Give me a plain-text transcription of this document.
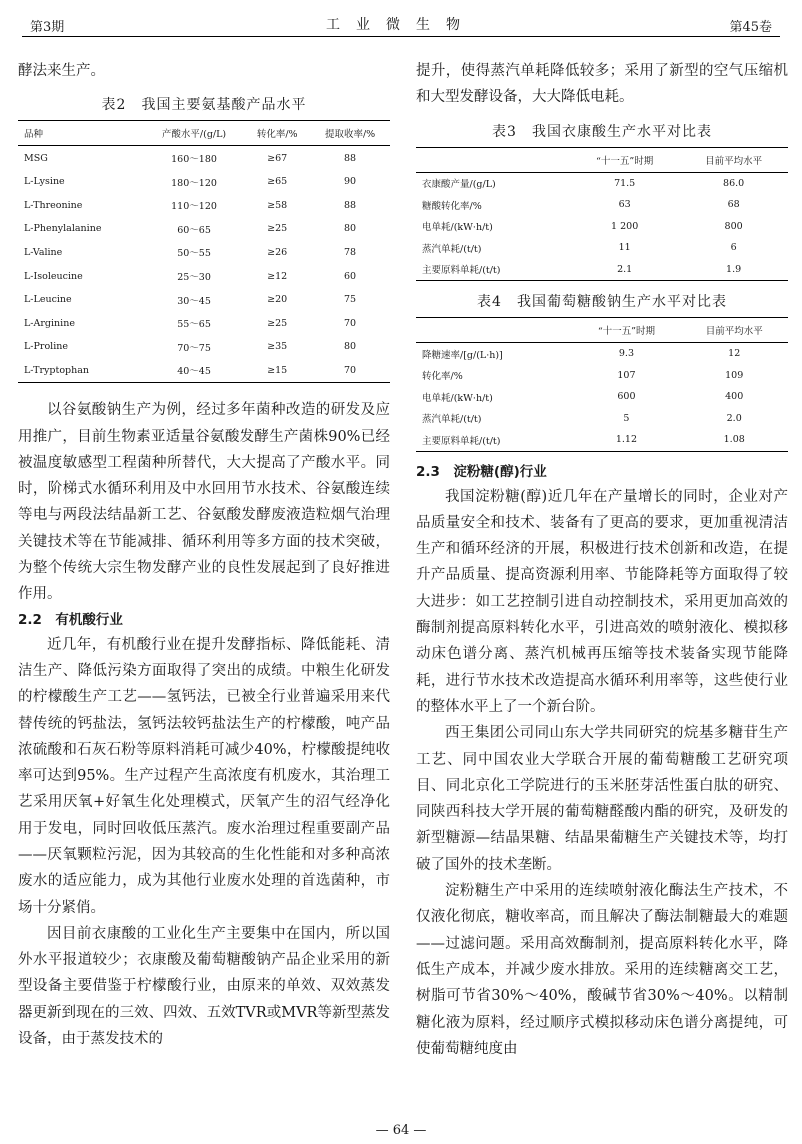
第3期	工业微生物	第45卷

酵法来生产。

表2　我国主要氨基酸产品水平
品种	产酸水平/(g/L)	转化率/%	提取收率/%
MSG	160～180	≥67	88
L-Lysine	180～120	≥65	90
L-Threonine	110～120	≥58	88
L-Phenylalanine	60～65	≥25	80
L-Valine	50～55	≥26	78
L-Isoleucine	25～30	≥12	60
L-Leucine	30～45	≥20	75
L-Arginine	55～65	≥25	70
L-Proline	70～75	≥35	80
L-Tryptophan	40～45	≥15	70

以谷氨酸钠生产为例，经过多年菌种改造的研发及应用推广，目前生物素亚适量谷氨酸发酵生产菌株90%已经被温度敏感型工程菌种所替代，大大提高了产酸水平。同时，阶梯式水循环利用及中水回用节水技术、谷氨酸连续等电与两段法结晶新工艺、谷氨酸发酵废液造粒烟气治理关键技术等在节能减排、循环利用等多方面的技术突破，为整个传统大宗生物发酵产业的良性发展起到了良好推进作用。

2.2　有机酸行业

近几年，有机酸行业在提升发酵指标、降低能耗、清洁生产、降低污染方面取得了突出的成绩。中粮生化研发的柠檬酸生产工艺——氢钙法，已被全行业普遍采用来代替传统的钙盐法，氢钙法较钙盐法生产的柠檬酸，吨产品浓硫酸和石灰石粉等原料消耗可减少40%，柠檬酸提纯收率可达到95%。生产过程产生高浓度有机废水，其治理工艺采用厌氧+好氧生化处理模式，厌氧产生的沼气经净化用于发电，同时回收低压蒸汽。废水治理过程重要副产品——厌氧颗粒污泥，因为其较高的生化性能和对多种高浓废水的适应能力，成为其他行业废水处理的首选菌种，市场十分紧俏。

因目前衣康酸的工业化生产主要集中在国内，所以国外水平报道较少；衣康酸及葡萄糖酸钠产品企业采用的新型设备主要借鉴于柠檬酸行业，由原来的单效、双效蒸发器更新到现在的三效、四效、五效TVR或MVR等新型蒸发设备，由于蒸发技术的

提升，使得蒸汽单耗降低较多；采用了新型的空气压缩机和大型发酵设备，大大降低电耗。

表3　我国衣康酸生产水平对比表
	“十一五”时期	目前平均水平
衣康酸产量/(g/L)	71.5	86.0
糖酸转化率/%	63	68
电单耗/(kW·h/t)	1 200	800
蒸汽单耗/(t/t)	11	6
主要原料单耗/(t/t)	2.1	1.9
表4　我国葡萄糖酸钠生产水平对比表
	“十一五”时期	目前平均水平
降糖速率/[g/(L·h)]	9.3	12
转化率/%	107	109
电单耗/(kW·h/t)	600	400
蒸汽单耗/(t/t)	5	2.0
主要原料单耗/(t/t)	1.12	1.08
2.3　淀粉糖(醇)行业

我国淀粉糖(醇)近几年在产量增长的同时，企业对产品质量安全和技术、装备有了更高的要求，更加重视清洁生产和循环经济的开展，积极进行技术创新和改造，在提升产品质量、提高资源利用率、节能降耗等方面取得了较大进步：如工艺控制引进自动控制技术，采用更加高效的酶制剂提高原料转化水平，引进高效的喷射液化、模拟移动床色谱分离、蒸汽机械再压缩等技术装备实现节能降耗，进行节水技术改造提高水循环利用率等，这些使行业的整体水平上了一个新台阶。

西王集团公司同山东大学共同研究的烷基多糖苷生产工艺、同中国农业大学联合开展的葡萄糖酸工艺研究项目、同北京化工学院进行的玉米胚芽活性蛋白肽的研究、同陕西科技大学开展的葡萄糖醛酸内酯的研究，及研发的新型糖源—结晶果糖、结晶果葡糖生产关键技术等，均打破了国外的技术垄断。

淀粉糖生产中采用的连续喷射液化酶法生产技术，不仅液化彻底，糖收率高，而且解决了酶法制糖最大的难题——过滤问题。采用高效酶制剂，提高原料转化水平，降低生产成本，并减少废水排放。采用的连续糖离交工艺，树脂可节省30%～40%，酸碱节省30%～40%。以精制糖化液为原料，经过顺序式模拟移动床色谱分离提纯，可使葡萄糖纯度由

— 64 —
